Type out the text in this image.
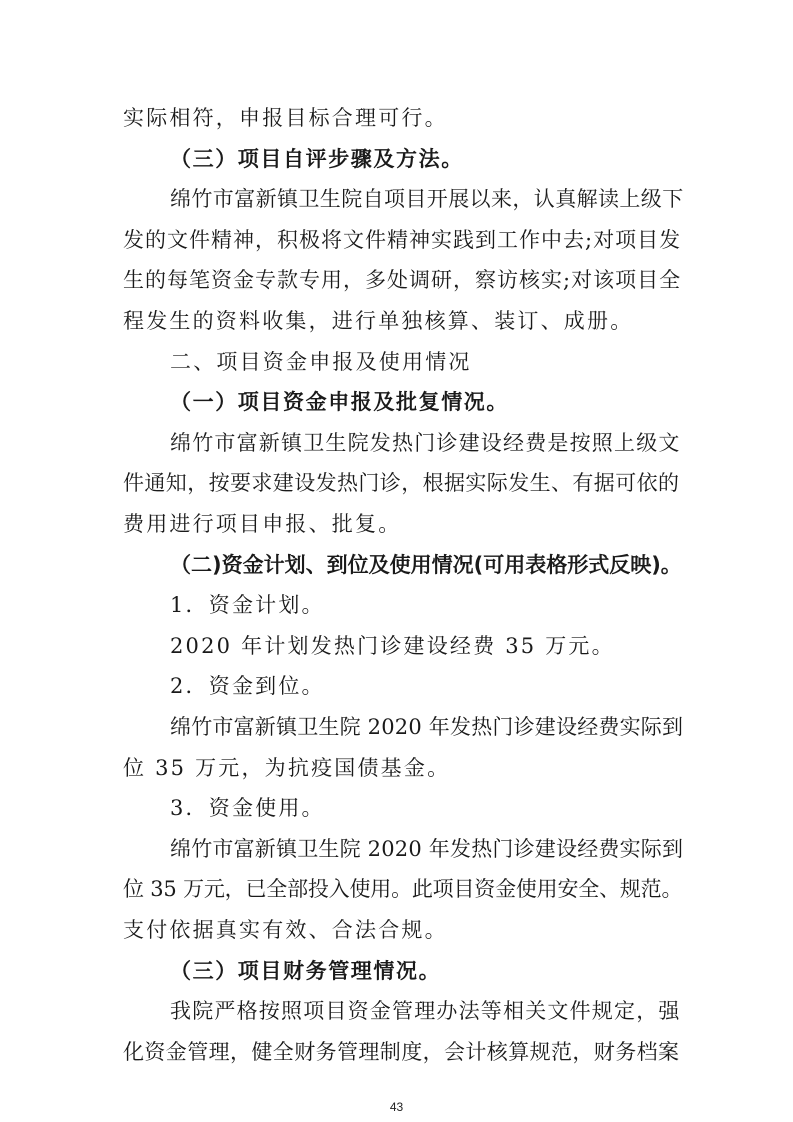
实际相符，申报目标合理可行。
（三）项目自评步骤及方法。
绵竹市富新镇卫生院自项目开展以来，认真解读上级下
发的文件精神，积极将文件精神实践到工作中去;对项目发
生的每笔资金专款专用，多处调研，察访核实;对该项目全
程发生的资料收集，进行单独核算、装订、成册。
二、项目资金申报及使用情况
（一）项目资金申报及批复情况。
绵竹市富新镇卫生院发热门诊建设经费是按照上级文
件通知，按要求建设发热门诊，根据实际发生、有据可依的
费用进行项目申报、批复。
（二)资金计划、到位及使用情况(可用表格形式反映)。
1．资金计划。
2020 年计划发热门诊建设经费 35 万元。
2．资金到位。
绵竹市富新镇卫生院 2020 年发热门诊建设经费实际到
位 35 万元，为抗疫国债基金。
3．资金使用。
绵竹市富新镇卫生院 2020 年发热门诊建设经费实际到
位 35 万元，已全部投入使用。此项目资金使用安全、规范。
支付依据真实有效、合法合规。
（三）项目财务管理情况。
我院严格按照项目资金管理办法等相关文件规定，强
化资金管理，健全财务管理制度，会计核算规范，财务档案
43
